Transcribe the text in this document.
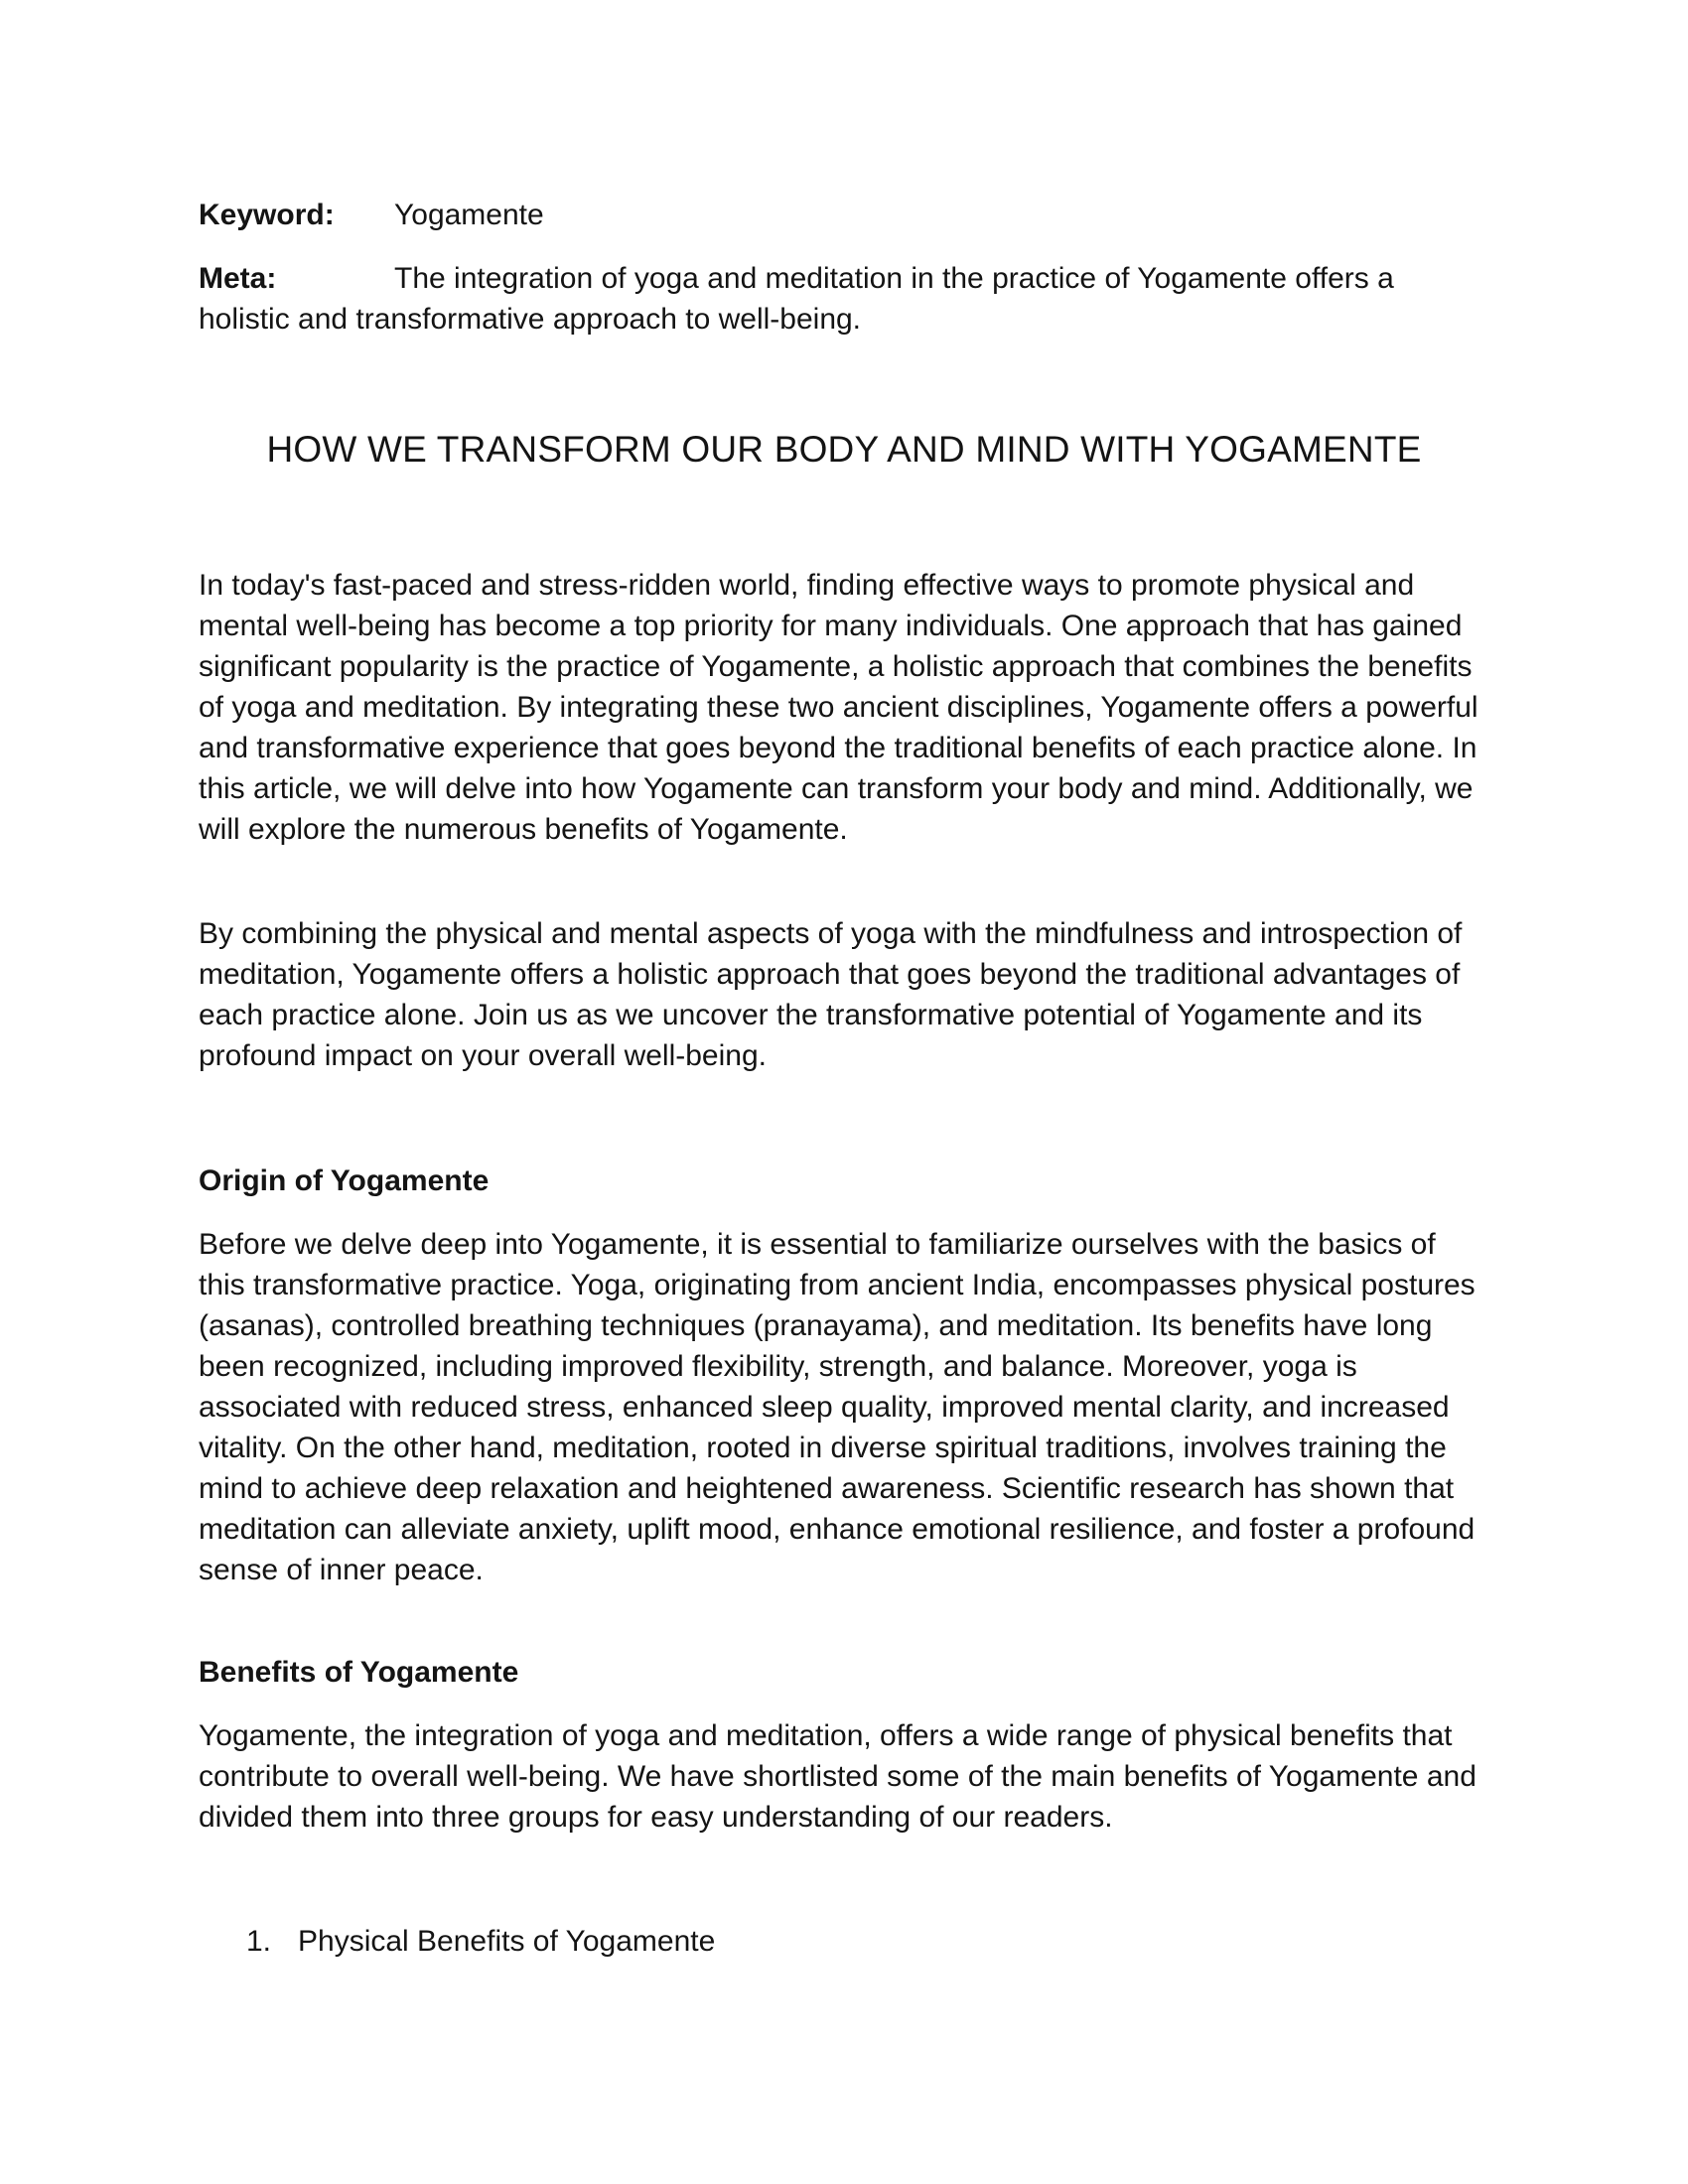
Keyword: Yogamente
Meta:	The integration of yoga and meditation in the practice of Yogamente offers a holistic and transformative approach to well-being.
HOW WE TRANSFORM OUR BODY AND MIND WITH YOGAMENTE

In today's fast-paced and stress-ridden world, finding effective ways to promote physical and mental well-being has become a top priority for many individuals. One approach that has gained significant popularity is the practice of Yogamente, a holistic approach that combines the benefits of yoga and meditation. By integrating these two ancient disciplines, Yogamente offers a powerful and transformative experience that goes beyond the traditional benefits of each practice alone. In this article, we will delve into how Yogamente can transform your body and mind. Additionally, we will explore the numerous benefits of Yogamente.

By combining the physical and mental aspects of yoga with the mindfulness and introspection of meditation, Yogamente offers a holistic approach that goes beyond the traditional advantages of each practice alone. Join us as we uncover the transformative potential of Yogamente and its profound impact on your overall well-being.

Origin of Yogamente

Before we delve deep into Yogamente, it is essential to familiarize ourselves with the basics of this transformative practice. Yoga, originating from ancient India, encompasses physical postures (asanas), controlled breathing techniques (pranayama), and meditation. Its benefits have long been recognized, including improved flexibility, strength, and balance. Moreover, yoga is associated with reduced stress, enhanced sleep quality, improved mental clarity, and increased vitality. On the other hand, meditation, rooted in diverse spiritual traditions, involves training the mind to achieve deep relaxation and heightened awareness. Scientific research has shown that meditation can alleviate anxiety, uplift mood, enhance emotional resilience, and foster a profound sense of inner peace.

Benefits of Yogamente

Yogamente, the integration of yoga and meditation, offers a wide range of physical benefits that contribute to overall well-being. We have shortlisted some of the main benefits of Yogamente and divided them into three groups for easy understanding of our readers.

1. Physical Benefits of Yogamente
